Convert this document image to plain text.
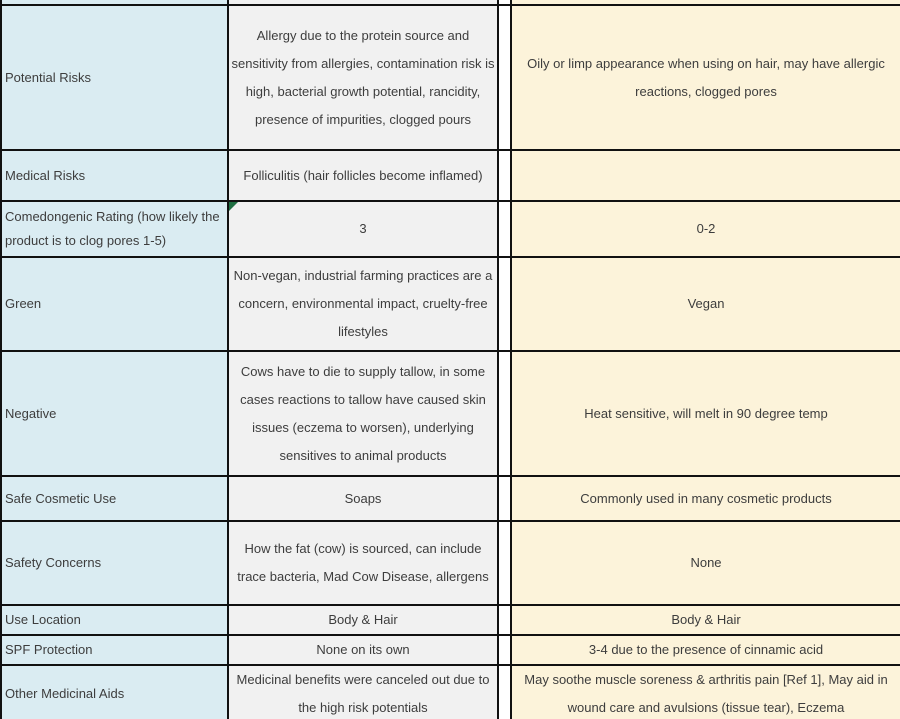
Potential Risks	Allergy due to the protein source and sensitivity from allergies, contamination risk is high, bacterial growth potential, rancidity, presence of impurities, clogged pours		Oily or limp appearance when using on hair, may have allergic reactions, clogged pores
Medical Risks	Folliculitis (hair follicles become inflamed)		
Comedongenic Rating (how likely the product is to clog pores 1-5)	3		0-2
Green	Non-vegan, industrial farming practices are a concern, environmental impact, cruelty-free lifestyles		Vegan
Negative	Cows have to die to supply tallow, in some cases reactions to tallow have caused skin issues (eczema to worsen), underlying sensitives to animal products		Heat sensitive, will melt in 90 degree temp
Safe Cosmetic Use	Soaps		Commonly used in many cosmetic products
Safety Concerns	How the fat (cow) is sourced, can include trace bacteria, Mad Cow Disease, allergens		None
Use Location	Body & Hair		Body & Hair
SPF Protection	None on its own		3-4 due to the presence of cinnamic acid
Other Medicinal Aids	Medicinal benefits were canceled out due to the high risk potentials		May soothe muscle soreness & arthritis pain [Ref 1], May aid in wound care and avulsions (tissue tear), Eczema
